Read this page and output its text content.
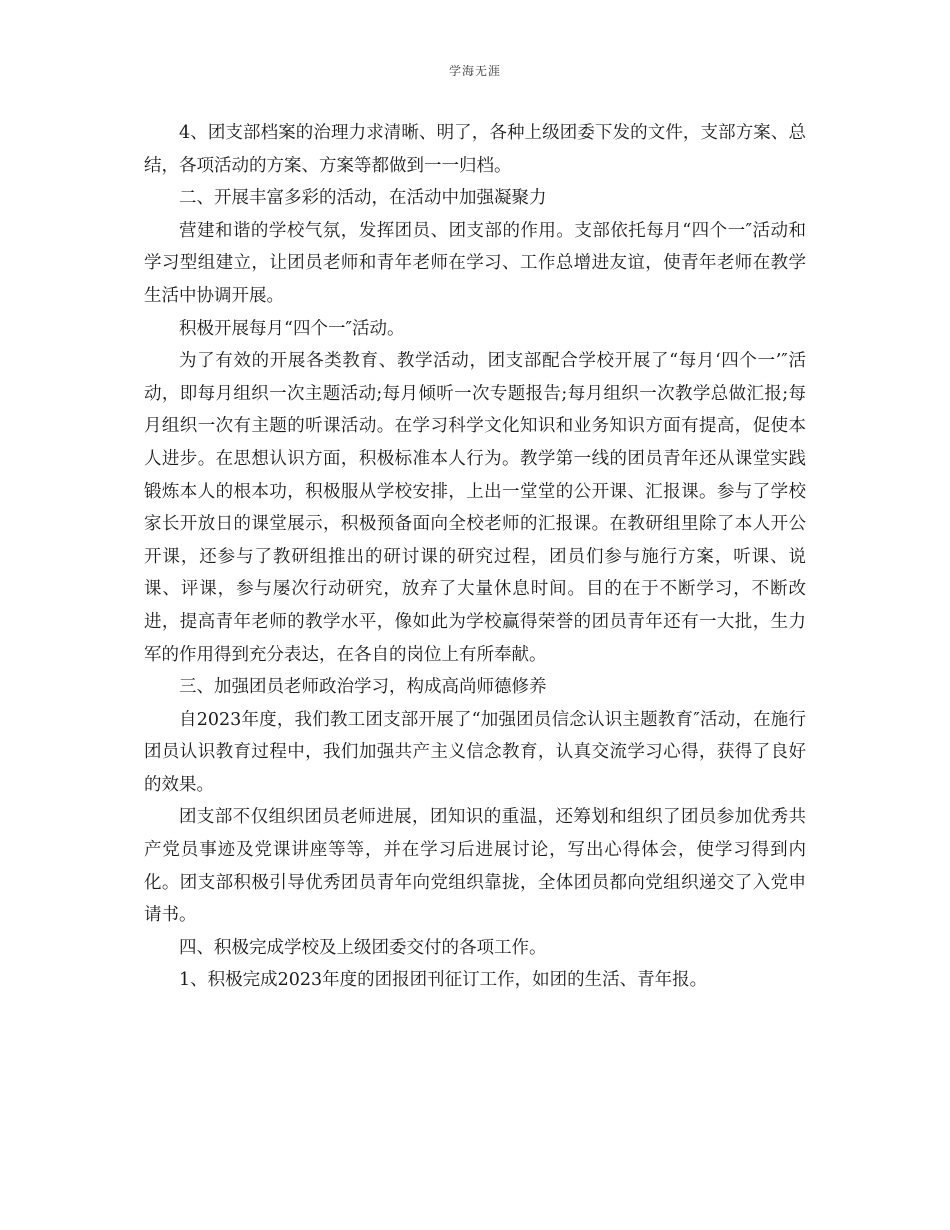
学海无涯

4、团支部档案的治理力求清晰、明了，各种上级团委下发的文件，支部方案、总结，各项活动的方案、方案等都做到一一归档。

二、开展丰富多彩的活动，在活动中加强凝聚力

营建和谐的学校气氛，发挥团员、团支部的作用。支部依托每月“四个一″活动和学习型组建立，让团员老师和青年老师在学习、工作总增进友谊，使青年老师在教学生活中协调开展。

积极开展每月“四个一″活动。

为了有效的开展各类教育、教学活动，团支部配合学校开展了“每月‘四个一’″活动，即每月组织一次主题活动;每月倾听一次专题报告;每月组织一次教学总做汇报;每月组织一次有主题的听课活动。在学习科学文化知识和业务知识方面有提高，促使本人进步。在思想认识方面，积极标准本人行为。教学第一线的团员青年还从课堂实践锻炼本人的根本功，积极服从学校安排，上出一堂堂的公开课、汇报课。参与了学校家长开放日的课堂展示，积极预备面向全校老师的汇报课。在教研组里除了本人开公开课，还参与了教研组推出的研讨课的研究过程，团员们参与施行方案，听课、说课、评课，参与屡次行动研究，放弃了大量休息时间。目的在于不断学习，不断改进，提高青年老师的教学水平，像如此为学校赢得荣誉的团员青年还有一大批，生力军的作用得到充分表达，在各自的岗位上有所奉献。

三、加强团员老师政治学习，构成高尚师德修养

自2023年度，我们教工团支部开展了“加强团员信念认识主题教育″活动，在施行团员认识教育过程中，我们加强共产主义信念教育，认真交流学习心得，获得了良好的效果。

团支部不仅组织团员老师进展，团知识的重温，还筹划和组织了团员参加优秀共产党员事迹及党课讲座等等，并在学习后进展讨论，写出心得体会，使学习得到内化。团支部积极引导优秀团员青年向党组织靠拢，全体团员都向党组织递交了入党申请书。

四、积极完成学校及上级团委交付的各项工作。

1、积极完成2023年度的团报团刊征订工作，如团的生活、青年报。
